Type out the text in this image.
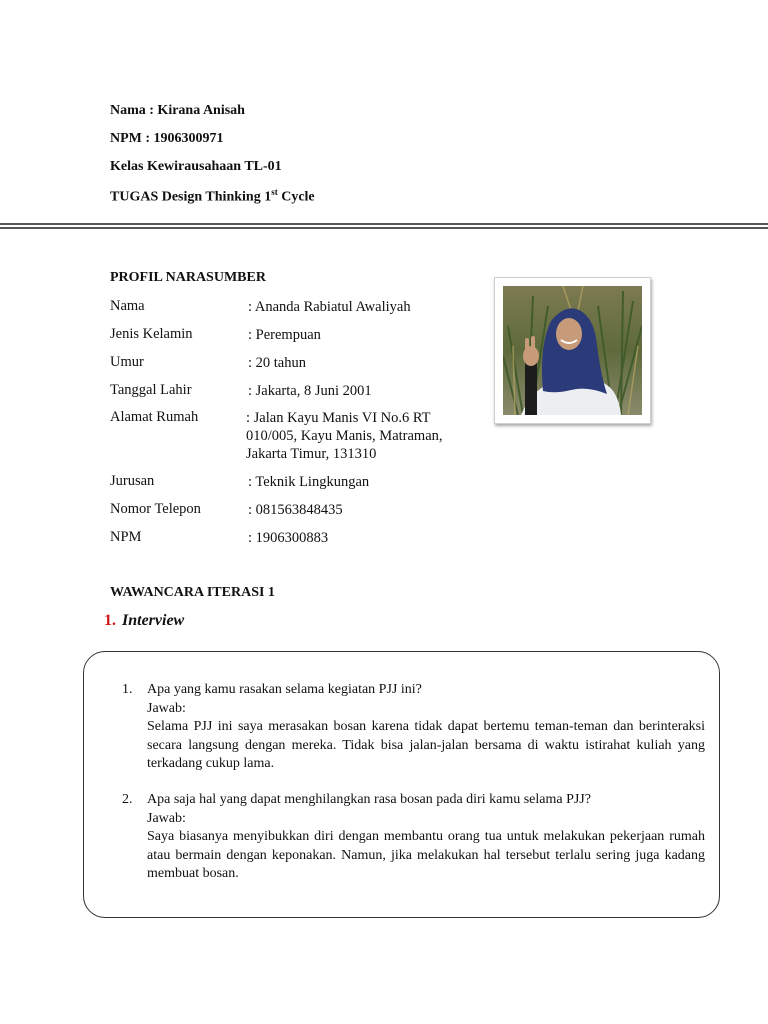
Nama : Kirana Anisah
NPM : 1906300971
Kelas Kewirausahaan TL-01
TUGAS Design Thinking 1st Cycle
PROFIL NARASUMBER
Nama	: Ananda Rabiatul Awaliyah
Jenis Kelamin	: Perempuan
Umur	: 20 tahun
Tanggal Lahir	: Jakarta, 8 Juni 2001
Alamat Rumah	: Jalan Kayu Manis VI No.6 RT
010/005, Kayu Manis, Matraman,
Jakarta Timur, 131310
Jurusan	: Teknik Lingkungan
Nomor Telepon	: 081563848435
NPM	: 1906300883
WAWANCARA ITERASI 1
1. Interview
1. Apa yang kamu rasakan selama kegiatan PJJ ini?
Jawab:
Selama PJJ ini saya merasakan bosan karena tidak dapat bertemu teman-teman dan berinteraksi secara langsung dengan mereka. Tidak bisa jalan-jalan bersama di waktu istirahat kuliah yang terkadang cukup lama.
2. Apa saja hal yang dapat menghilangkan rasa bosan pada diri kamu selama PJJ?
Jawab:
Saya biasanya menyibukkan diri dengan membantu orang tua untuk melakukan pekerjaan rumah atau bermain dengan keponakan. Namun, jika melakukan hal tersebut terlalu sering juga kadang membuat bosan.
